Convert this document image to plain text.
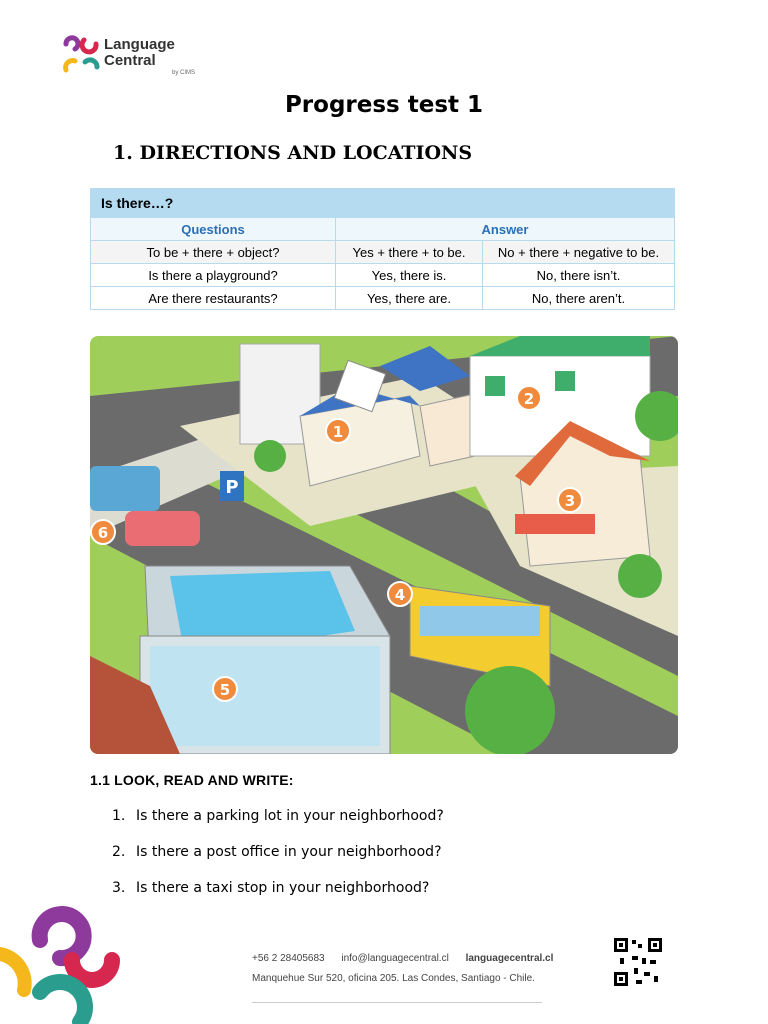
Language
Central
by CIMS
Progress test 1
1. DIRECTIONS AND LOCATIONS
Is there…?		
Questions	Answer	
To be + there + object?	Yes + there + to be.	No + there + negative to be.
Is there a playground?	Yes, there is.	No, there isn’t.
Are there restaurants?	Yes, there are.	No, there aren’t.
P
1
2
3
4
5
6
1.1 LOOK, READ AND WRITE:
1. Is there a parking lot in your neighborhood?
2. Is there a post office in your neighborhood?
3. Is there a taxi stop in your neighborhood?
+56 2 28405683 info@languagecentral.cl languagecentral.cl
Manquehue Sur 520, oficina 205. Las Condes, Santiago - Chile.
